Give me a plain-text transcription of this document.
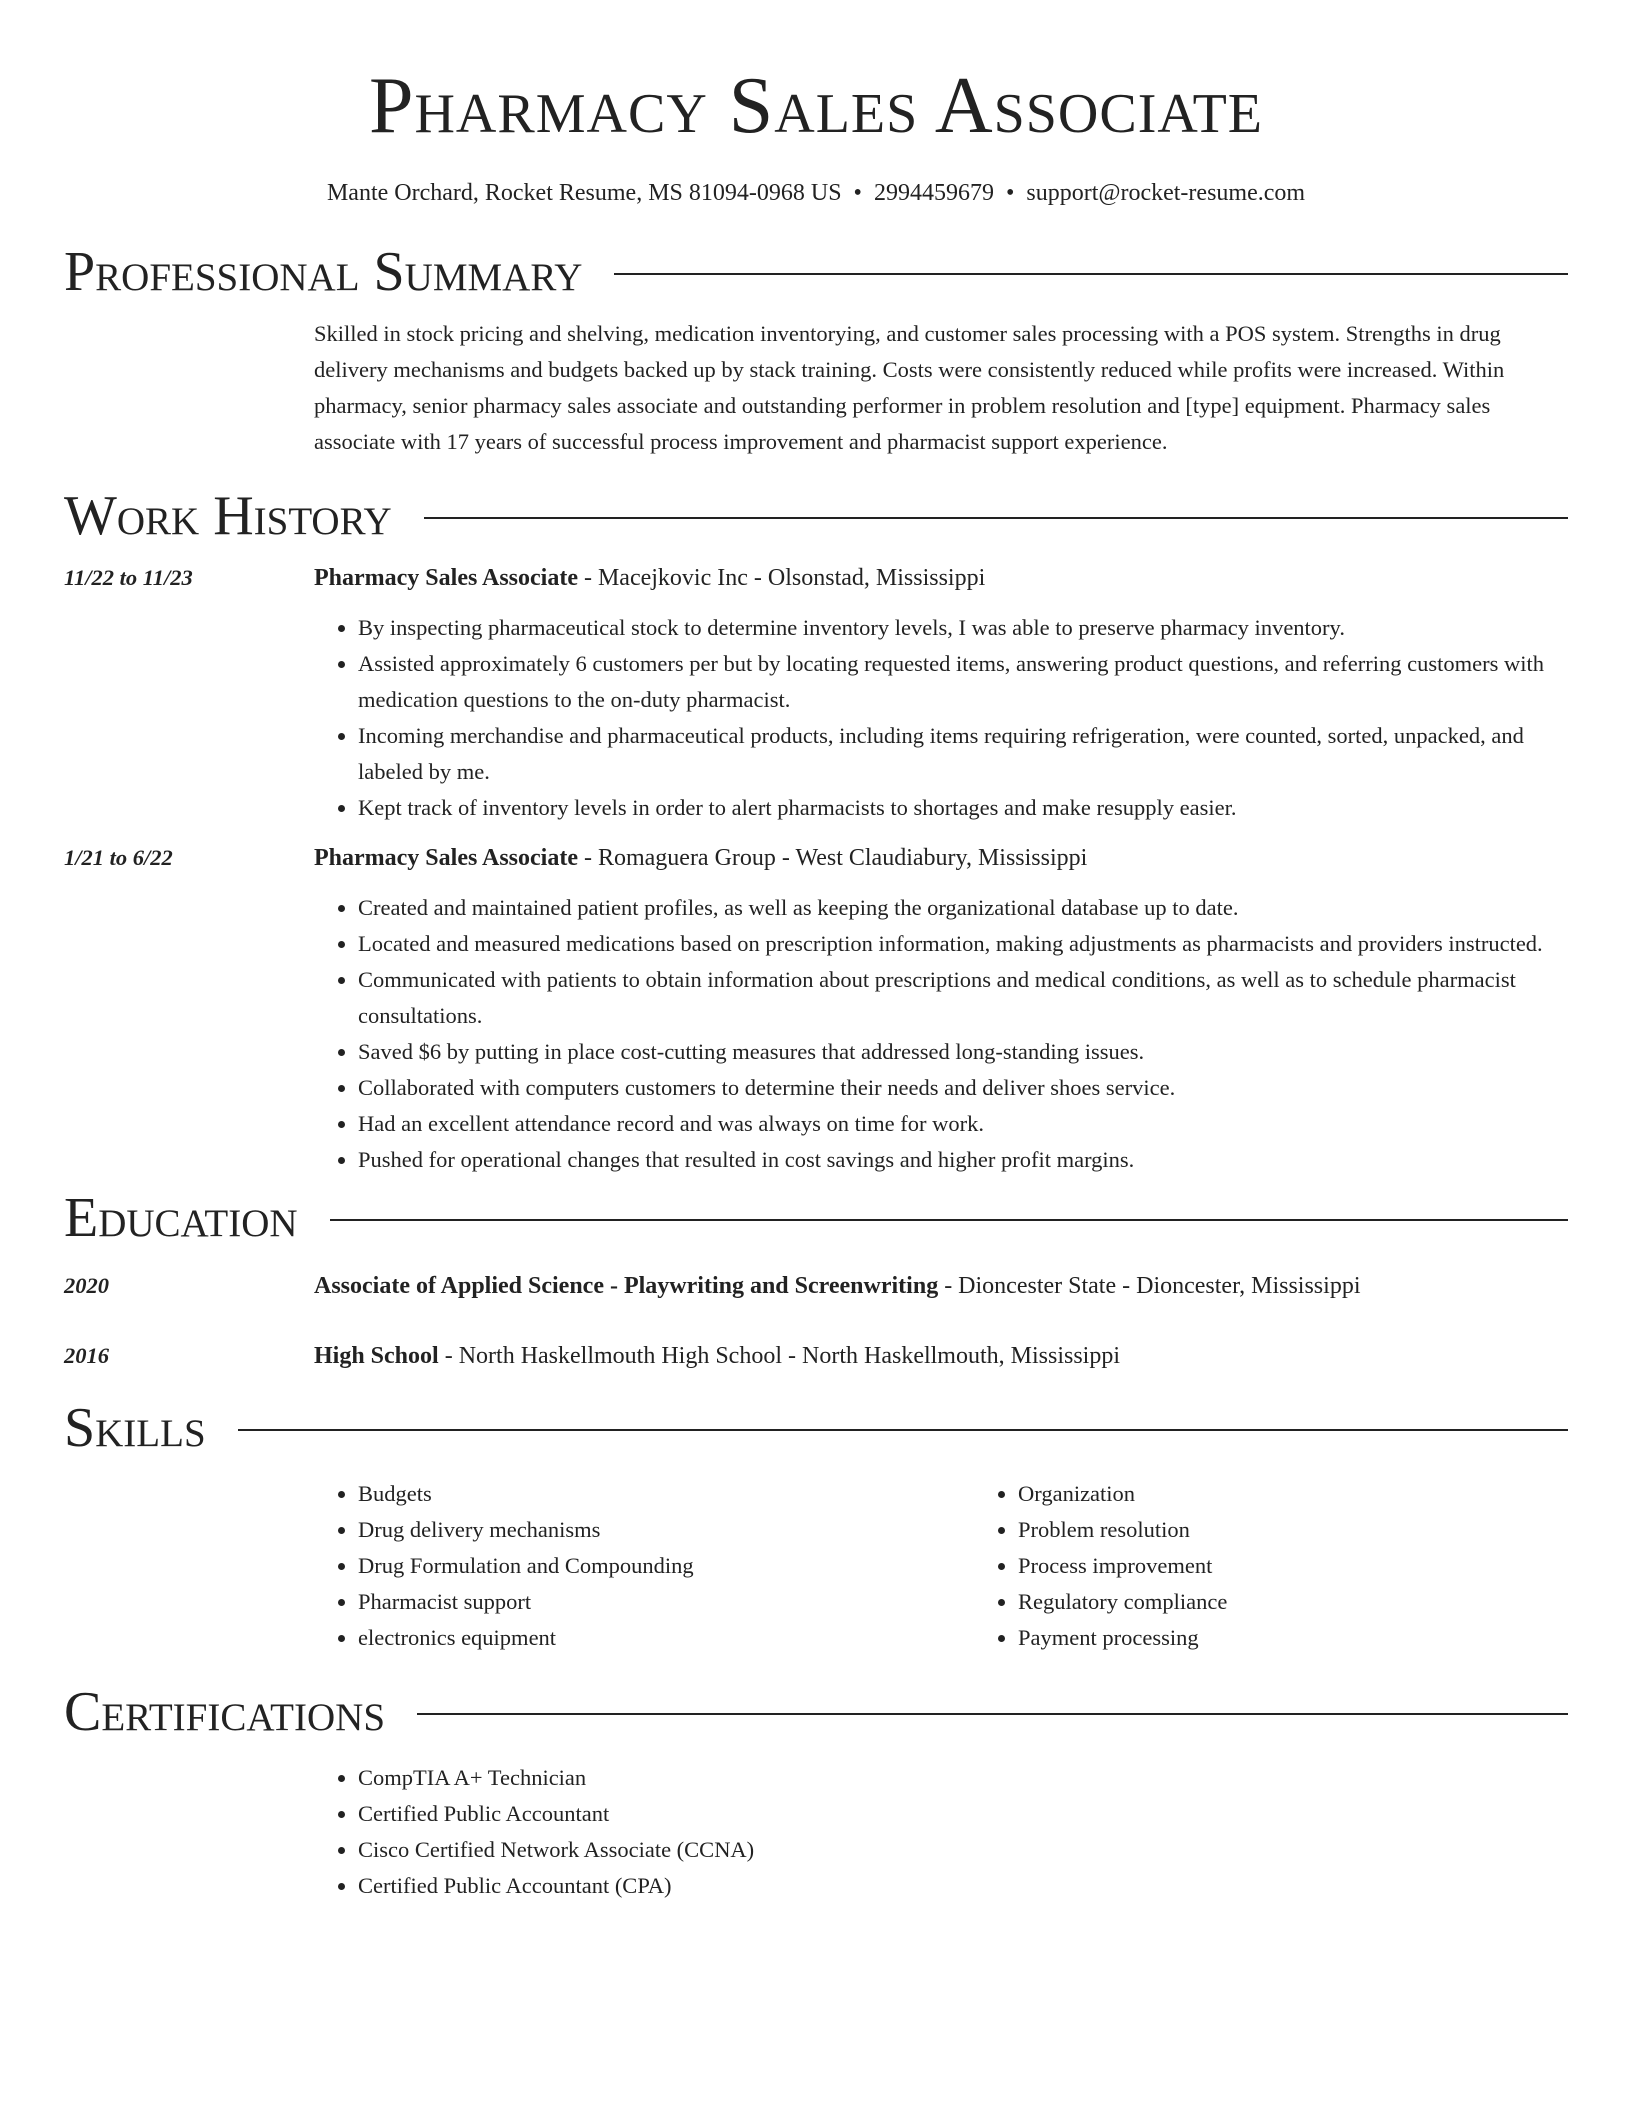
Pharmacy Sales Associate
Mante Orchard, Rocket Resume, MS 81094-0968 US • 2994459679 • support@rocket-resume.com
Professional Summary
Skilled in stock pricing and shelving, medication inventorying, and customer sales processing with a POS system. Strengths in drug delivery mechanisms and budgets backed up by stack training. Costs were consistently reduced while profits were increased. Within pharmacy, senior pharmacy sales associate and outstanding performer in problem resolution and [type] equipment. Pharmacy sales associate with 17 years of successful process improvement and pharmacist support experience.
Work History
11/22 to 11/23	Pharmacy Sales Associate - Macejkovic Inc - Olsonstad, Mississippi
• By inspecting pharmaceutical stock to determine inventory levels, I was able to preserve pharmacy inventory.
• Assisted approximately 6 customers per but by locating requested items, answering product questions, and referring customers with medication questions to the on-duty pharmacist.
• Incoming merchandise and pharmaceutical products, including items requiring refrigeration, were counted, sorted, unpacked, and labeled by me.
• Kept track of inventory levels in order to alert pharmacists to shortages and make resupply easier.
1/21 to 6/22	Pharmacy Sales Associate - Romaguera Group - West Claudiabury, Mississippi
• Created and maintained patient profiles, as well as keeping the organizational database up to date.
• Located and measured medications based on prescription information, making adjustments as pharmacists and providers instructed.
• Communicated with patients to obtain information about prescriptions and medical conditions, as well as to schedule pharmacist consultations.
• Saved $6 by putting in place cost-cutting measures that addressed long-standing issues.
• Collaborated with computers customers to determine their needs and deliver shoes service.
• Had an excellent attendance record and was always on time for work.
• Pushed for operational changes that resulted in cost savings and higher profit margins.
Education
2020	Associate of Applied Science - Playwriting and Screenwriting - Dioncester State - Dioncester, Mississippi
2016	High School - North Haskellmouth High School - North Haskellmouth, Mississippi
Skills
• Budgets
• Drug delivery mechanisms
• Drug Formulation and Compounding
• Pharmacist support
• electronics equipment
• Organization
• Problem resolution
• Process improvement
• Regulatory compliance
• Payment processing
Certifications
• CompTIA A+ Technician
• Certified Public Accountant
• Cisco Certified Network Associate (CCNA)
• Certified Public Accountant (CPA)
